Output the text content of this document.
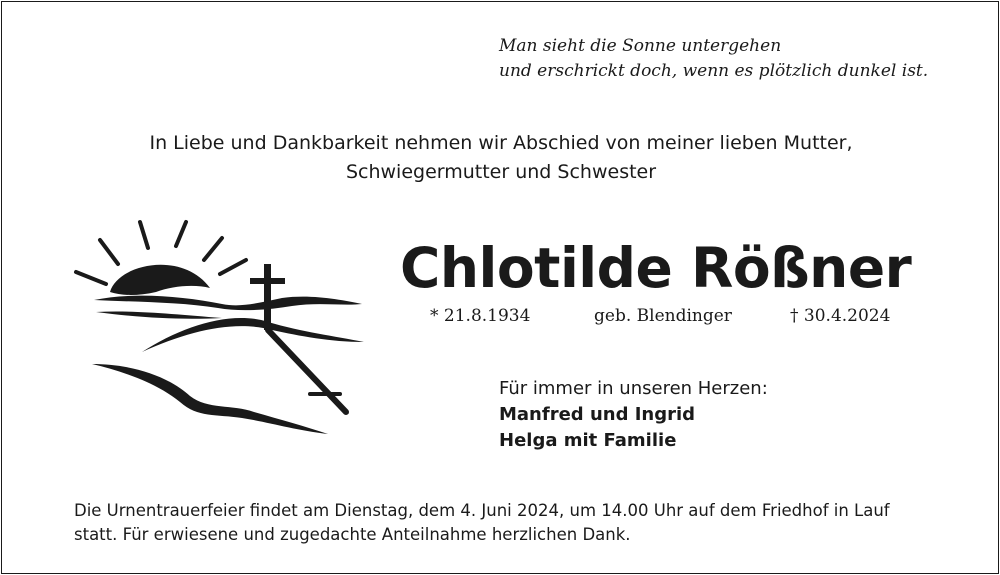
Man sieht die Sonne untergehen
und erschrickt doch, wenn es plötzlich dunkel ist.
In Liebe und Dankbarkeit nehmen wir Abschied von meiner lieben Mutter,
Schwiegermutter und Schwester
Chlotilde Rößner
* 21.8.1934	geb. Blendinger	† 30.4.2024
Für immer in unseren Herzen:
Manfred und Ingrid
Helga mit Familie
Die Urnentrauerfeier findet am Dienstag, dem 4. Juni 2024, um 14.00 Uhr auf dem Friedhof in Lauf
statt. Für erwiesene und zugedachte Anteilnahme herzlichen Dank.
